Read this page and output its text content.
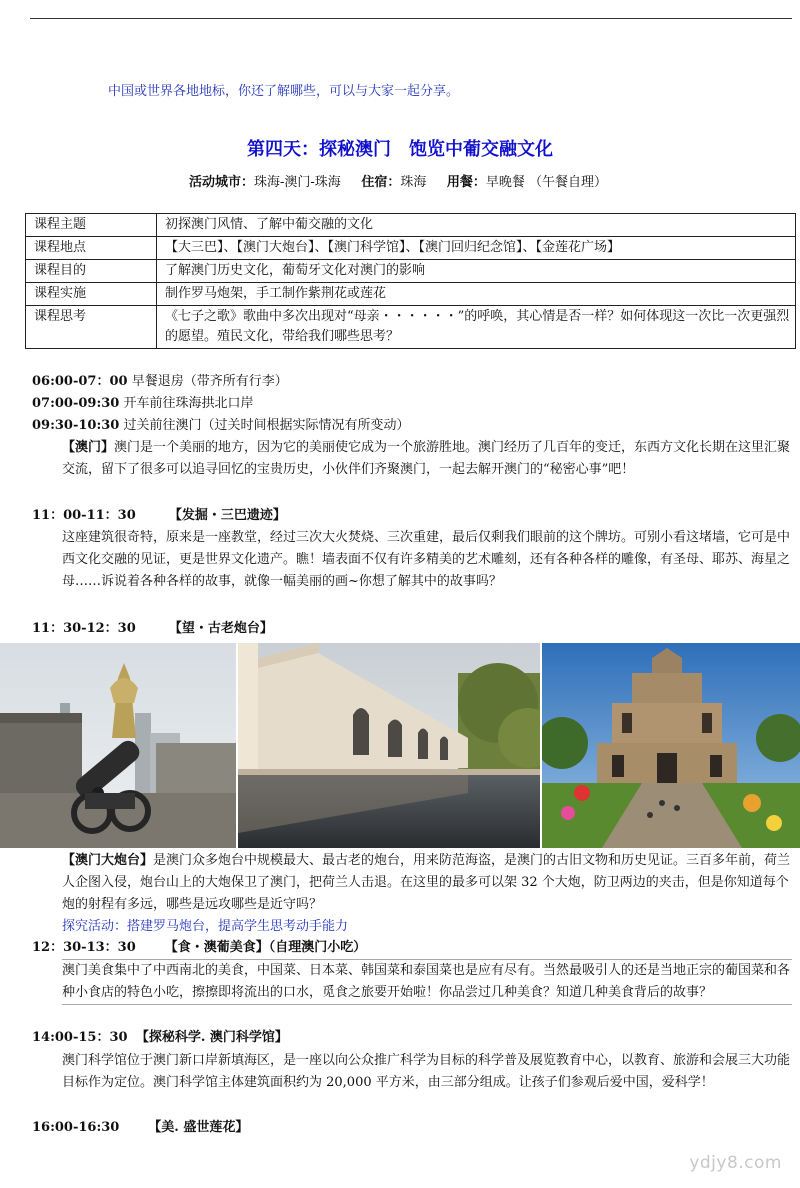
中国或世界各地地标，你还了解哪些，可以与大家一起分享。
第四天：探秘澳门　饱览中葡交融文化
活动城市：珠海-澳门-珠海 住宿：珠海 用餐：早晚餐 （午餐自理）
课程主题	初探澳门风情、了解中葡交融的文化
课程地点	【大三巴】、【澳门大炮台】、【澳门科学馆】、【澳门回归纪念馆】、【金莲花广场】
课程目的	了解澳门历史文化，葡萄牙文化对澳门的影响
课程实施	制作罗马炮架，手工制作紫荆花或莲花
课程思考	《七子之歌》歌曲中多次出现对“母亲・・・・・・”的呼唤，其心情是否一样？如何体现这一次比一次更强烈的愿望。殖民文化，带给我们哪些思考？
06:00-07：00 早餐退房（带齐所有行李）
07:00-09:30 开车前往珠海拱北口岸
09:30-10:30 过关前往澳门（过关时间根据实际情况有所变动）
【澳门】澳门是一个美丽的地方，因为它的美丽使它成为一个旅游胜地。澳门经历了几百年的变迁，东西方文化长期在这里汇聚交流，留下了很多可以追寻回忆的宝贵历史，小伙伴们齐聚澳门，一起去解开澳门的“秘密心事”吧！
11：00-11：30	【发掘・三巴遗迹】
这座建筑很奇特，原来是一座教堂，经过三次大火焚烧、三次重建，最后仅剩我们眼前的这个牌坊。可别小看这堵墙，它可是中西文化交融的见证，更是世界文化遗产。瞧！墙表面不仅有许多精美的艺术雕刻，还有各种各样的雕像，有圣母、耶苏、海星之母……诉说着各种各样的故事，就像一幅美丽的画~你想了解其中的故事吗？
11：30-12：30	【望・古老炮台】
【澳门大炮台】是澳门众多炮台中规模最大、最古老的炮台，用来防范海盗，是澳门的古旧文物和历史见证。三百多年前，荷兰人企图入侵，炮台山上的大炮保卫了澳门，把荷兰人击退。在这里的最多可以架 32 个大炮，防卫两边的夹击，但是你知道每个炮的射程有多远，哪些是远攻哪些是近守吗？
探究活动：搭建罗马炮台，提高学生思考动手能力
12：30-13：30 【食・澳葡美食】（自理澳门小吃）
澳门美食集中了中西南北的美食，中国菜、日本菜、韩国菜和泰国菜也是应有尽有。当然最吸引人的还是当地正宗的葡国菜和各种小食店的特色小吃，擦擦即将流出的口水，觅食之旅要开始啦！你品尝过几种美食？知道几种美食背后的故事？
14:00-15：30 【探秘科学. 澳门科学馆】
澳门科学馆位于澳门新口岸新填海区，是一座以向公众推广科学为目标的科学普及展览教育中心，以教育、旅游和会展三大功能目标作为定位。澳门科学馆主体建筑面积约为 20,000 平方米，由三部分组成。让孩子们参观后爱中国，爱科学！
16:00-16:30 【美. 盛世莲花】
ydjy8.com
